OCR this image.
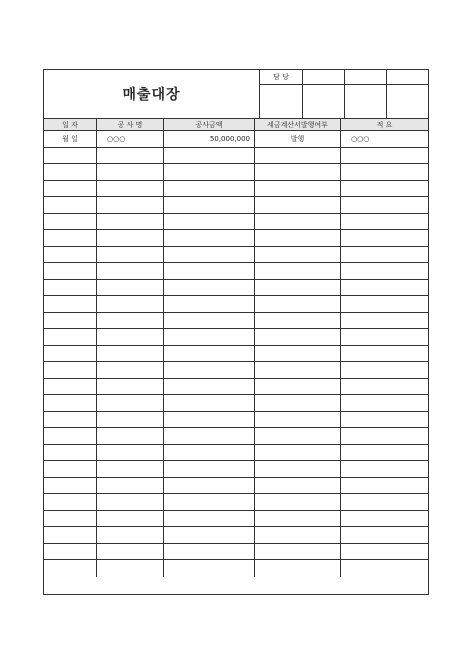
매출대장
담 당
일 자	공 사 명	공사금액	세금계산서발행여부	적 요
월 일	○○○	50,000,000	발행	○○○
